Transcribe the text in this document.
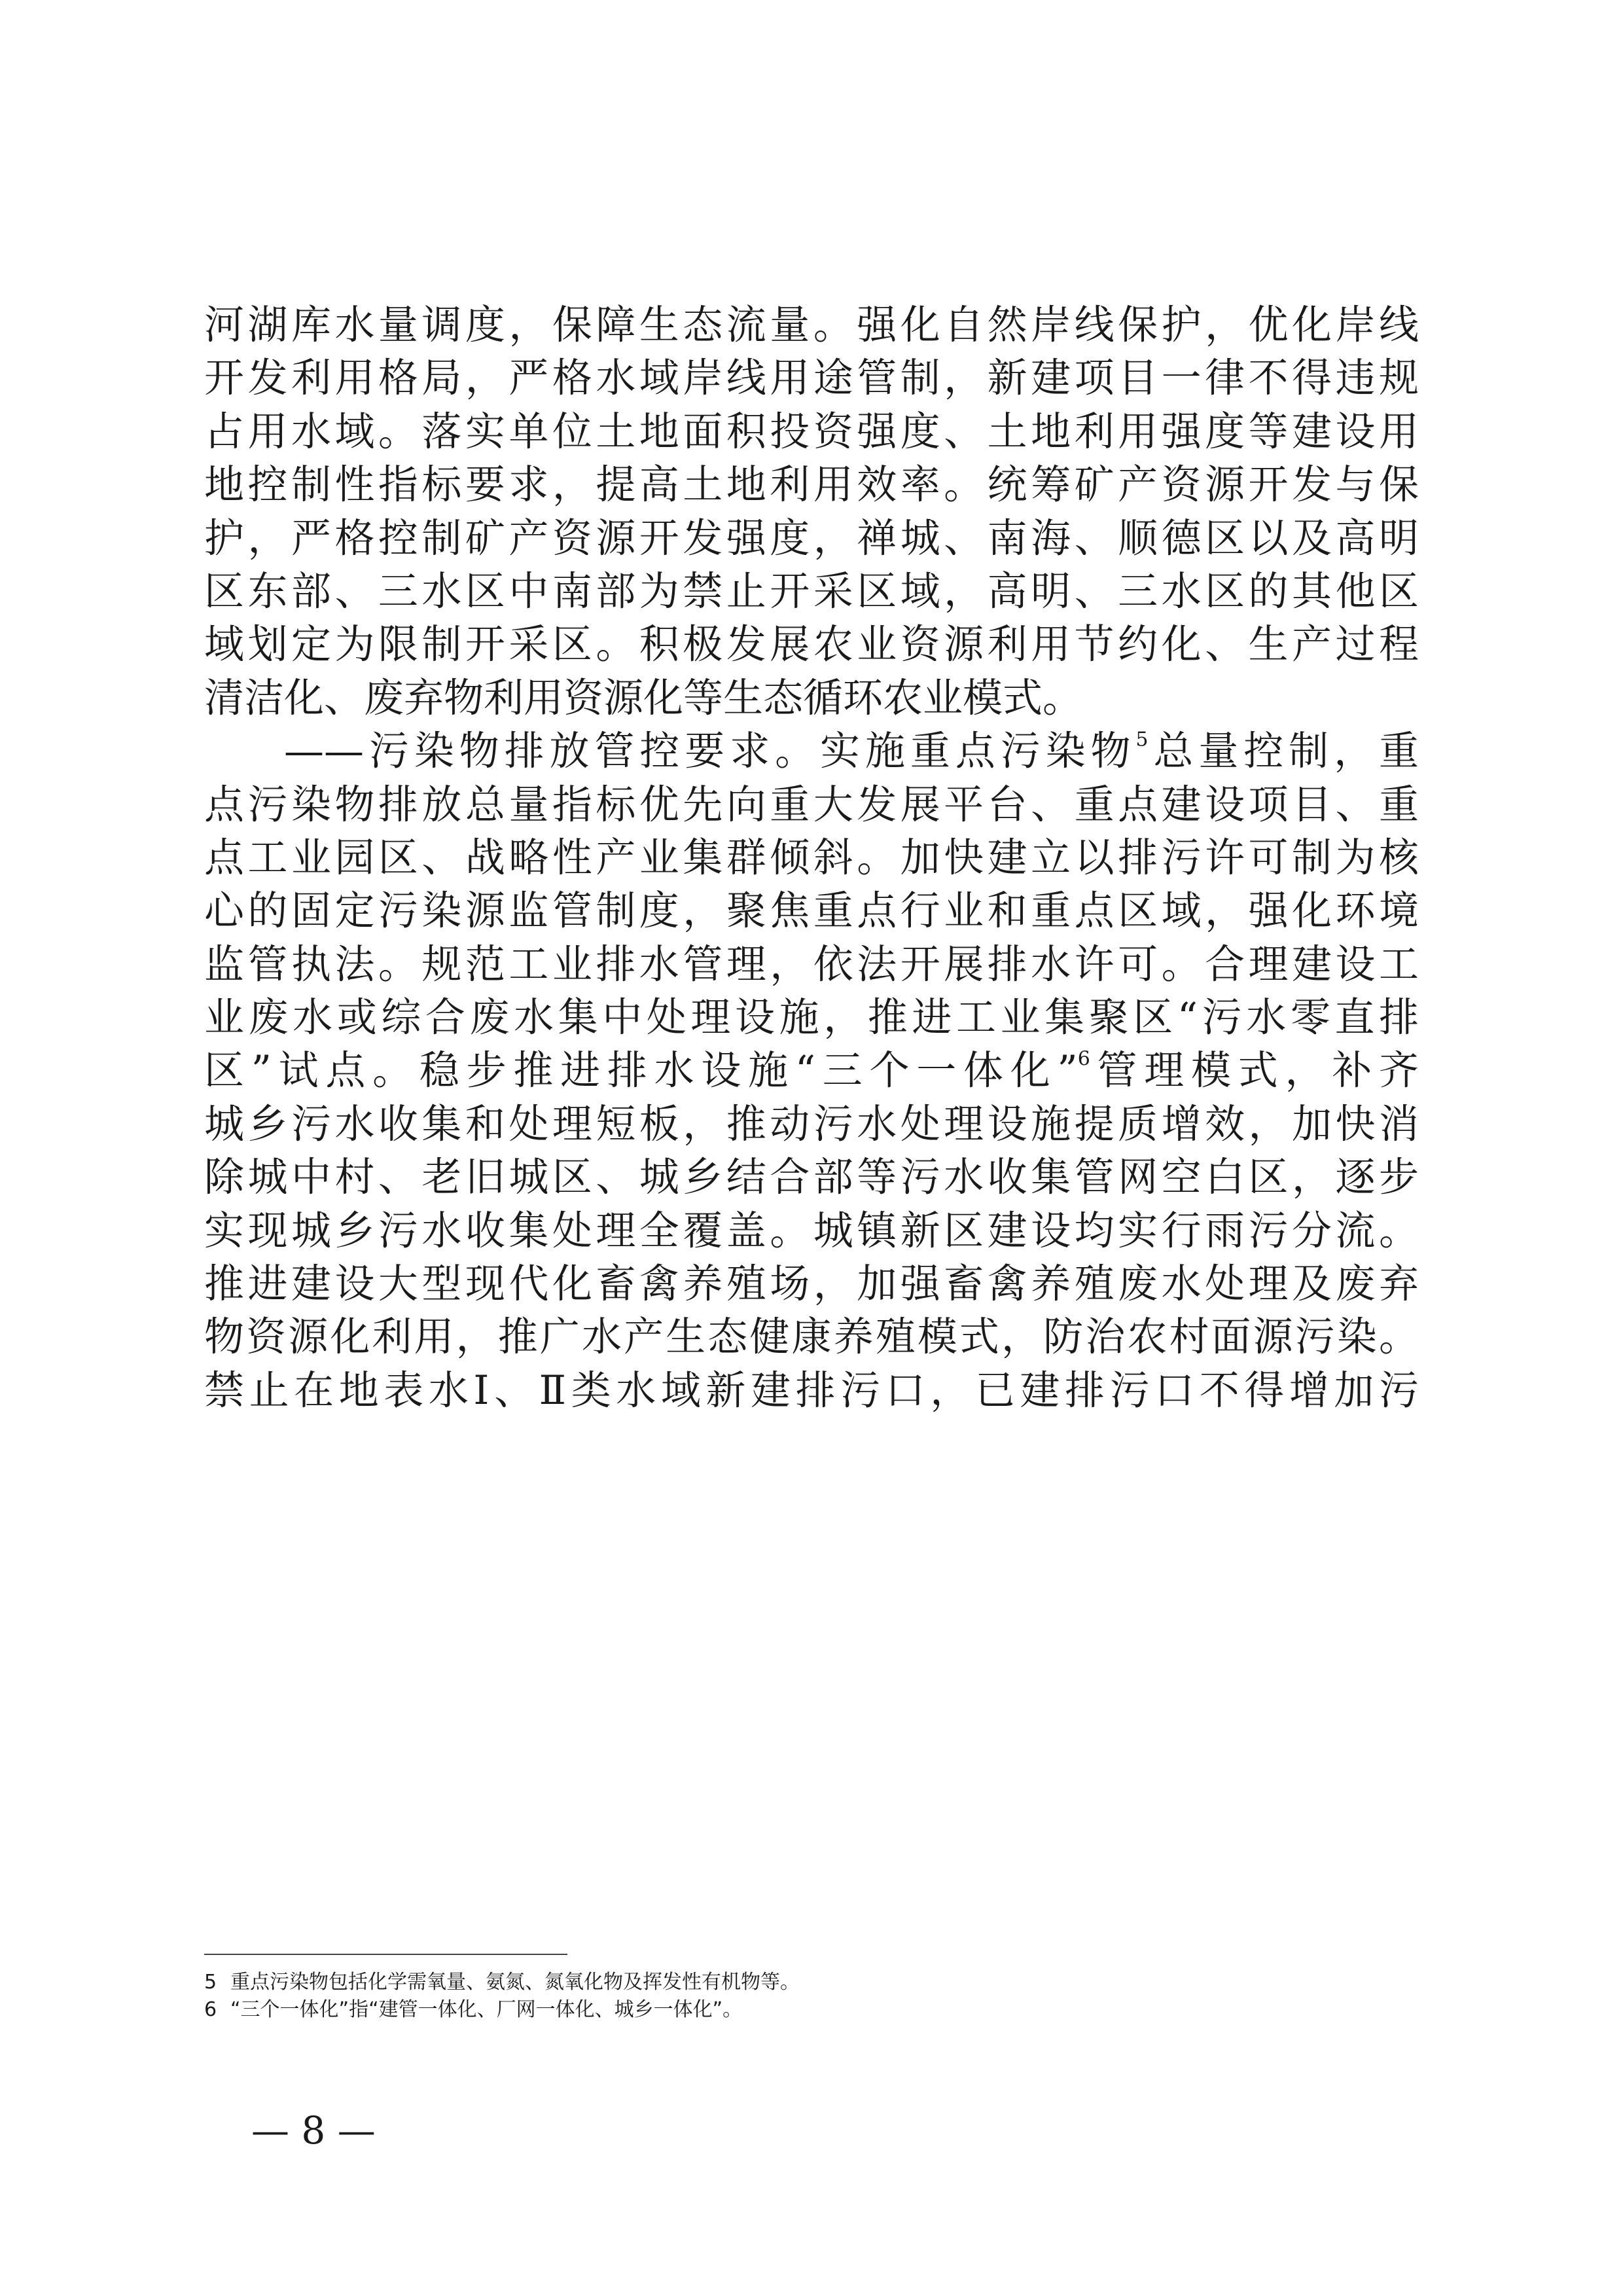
河湖库水量调度，保障生态流量。强化自然岸线保护，优化岸线
开发利用格局，严格水域岸线用途管制，新建项目一律不得违规
占用水域。落实单位土地面积投资强度、土地利用强度等建设用
地控制性指标要求，提高土地利用效率。统筹矿产资源开发与保
护，严格控制矿产资源开发强度，禅城、南海、顺德区以及高明
区东部、三水区中南部为禁止开采区域，高明、三水区的其他区
域划定为限制开采区。积极发展农业资源利用节约化、生产过程
清洁化、废弃物利用资源化等生态循环农业模式。
——污染物排放管控要求。实施重点污染物$^5$总量控制，重
点污染物排放总量指标优先向重大发展平台、重点建设项目、重
点工业园区、战略性产业集群倾斜。加快建立以排污许可制为核
心的固定污染源监管制度，聚焦重点行业和重点区域，强化环境
监管执法。规范工业排水管理，依法开展排水许可。合理建设工
业废水或综合废水集中处理设施，推进工业集聚区“污水零直排
区”试点。稳步推进排水设施“三个一体化”$^6$管理模式，补齐
城乡污水收集和处理短板，推动污水处理设施提质增效，加快消
除城中村、老旧城区、城乡结合部等污水收集管网空白区，逐步
实现城乡污水收集处理全覆盖。城镇新区建设均实行雨污分流。
推进建设大型现代化畜禽养殖场，加强畜禽养殖废水处理及废弃
物资源化利用，推广水产生态健康养殖模式，防治农村面源污染。
禁止在地表水Ⅰ、Ⅱ类水域新建排污口，已建排污口不得增加污
5 重点污染物包括化学需氧量、氨氮、氮氧化物及挥发性有机物等。
6 “三个一体化”指“建管一体化、厂网一体化、城乡一体化”。
— 8 —
